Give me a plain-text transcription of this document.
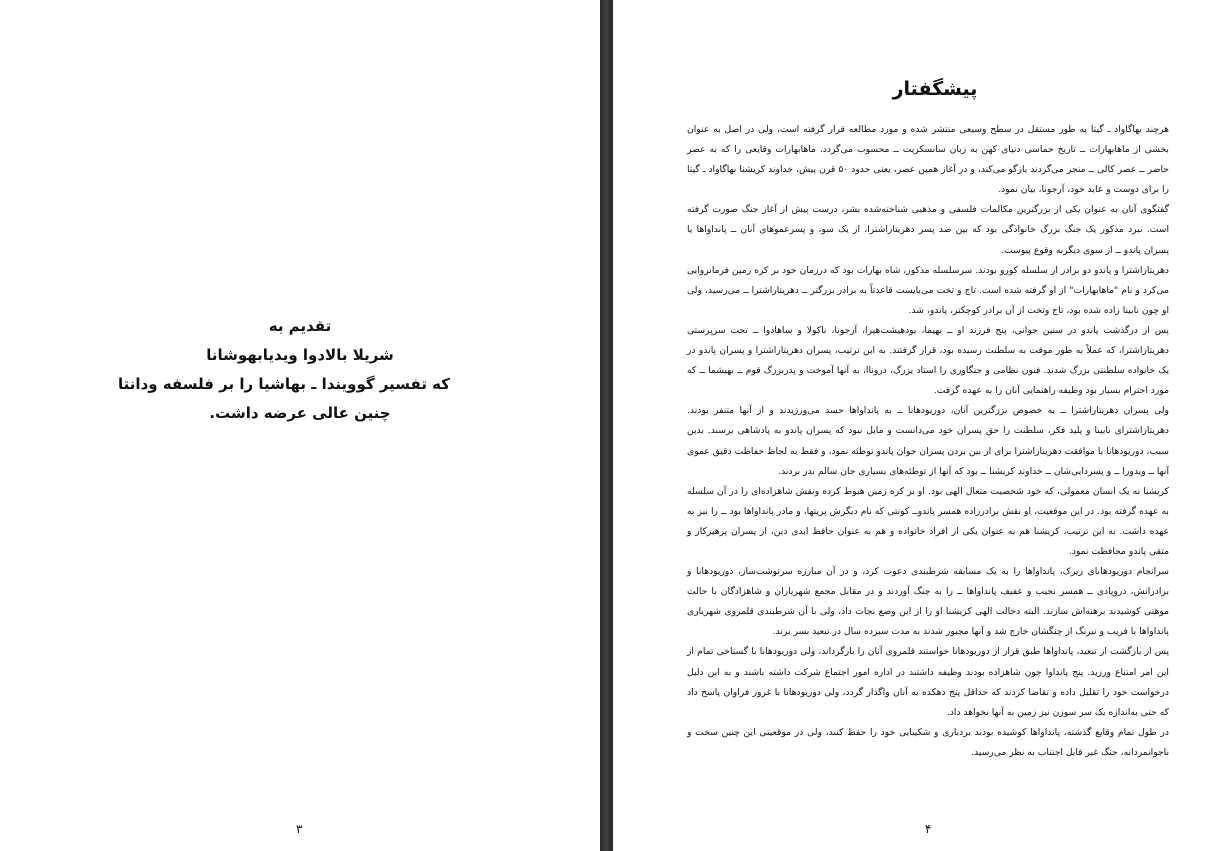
تقدیم به
شریلا بالادوا ویدیابهوشانا
که تفسیر گوویندا ـ بهاشیا را بر فلسفه ودانتا
چنین عالی عرضه داشت.
۳
پیشگفتار

هرچند بهاگاواد ـ گیتا به طور مستقل در سطح وسیعی منتشر شده و مورد مطالعه قرار گرفته است، ولی در اصل به عنوان بخشی از ماهابهارات ــ تاریخ حماسی دنیای کهن به زبان سانسکریت ــ محسوب می‌گردد. ماهابهارات وقایعی را که به عصر حاضر ــ عصر کالی ــ منجر می‌گردند بازگو می‌کند، و در آغاز همین عصر، یعنی حدود ۵۰ قرن پیش، خداوند کریشنا بهاگاواد ـ گیتا را برای دوست و عابد خود، آرجونا، بیان نمود.

گفتگوی آنان به عنوان یکی از بزرگترین مکالمات فلسفی و مذهبی شناخته‌شده بشر، درست پیش از آغاز جنگ صورت گرفته است. نبرد مذکور یک جنگ بزرگ خانوادگی بود که بین صد پسر دهریتاراشترا، از یک سو، و پسرعموهای آنان ــ پانداواها یا پسران پاندو ــ از سوی دیگربه وقوع پیوست.

دهریتاراشترا و پاندو دو برادر از سلسله کورو بودند. سرسلسله مذکور، شاه بهارات بود که درزمان خود بر کره زمین فرمانروایی می‌کرد و نام "ماهابهارات" از او گرفته شده است. تاج و تخت می‌بایست قاعدتاً به برادر بزرگتر ــ دهریتاراشترا ــ می‌رسید، ولی او چون نابینا زاده شده بود، تاج وتخت از آن برادر کوچکتر، پاندو، شد.

پس از درگذشت پاندو در سنین جوانی، پنج فرزند او ــ بهیما، یودهیشت‌هیرا، آرجونا، ناکولا و ساهادوا ــ تحت سرپرستی دهریتاراشترا، که عملاً به طور موقت به سلطنت رسیده بود، قرار گرفتند. به این ترتیب، پسران دهریتاراشترا و پسران پاندو در یک خانواده سلطنتی بزرگ شدند. فنون نظامی و جنگاوری را استاد بزرگ، دروناا، به آنها آموخت و پدربزرگ قوم ــ بهیشما ــ که مورد احترام بسیار بود وظیفه راهنمایی آنان را به عهده گرفت.

ولی پسران دهریتاراشترا ــ به خصوص بزرگترین آنان، دوریودهانا ــ به پانداواها حسد می‌ورزیدند و از آنها متنفر بودند. دهریتاراشترای نابینا و پلید فکر، سلطنت را حق پسران خود می‌دانست و مایل نبود که پسران پاندو به پادشاهی برسند. بدین سبب، دوریودهانا با موافقت دهریتاراشترا برای از بین بردن پسران جوان پاندو توطئه نمود، و فقط به لحاظ حفاظت دقیق عموی آنها ــ ویدورا ــ و پسردایی‌شان ــ خداوند کریشنا ــ بود که آنها از توطئه‌های بسیاری جان سالم بدر بردند.

کریشنا نه یک انسان معمولی، که خود شخصیت متعال الهی بود. او بر کره زمین هبوط کرده ونقش شاهزاده‌ای را در آن سلسله به عهده گرفته بود. در این موقعیت، او نقش برادرزاده همسر پاندوــ کونتی که نام دیگرش پریتها، و مادر پانداواها بود ــ را نیز به عهده داشت. به این ترتیب، کریشنا هم به عنوان یکی از افراد خانواده و هم به عنوان حافظ ابدی دین، از پسران پرهیزکار و متقی پاندو محافظت نمود.

سرانجام دوریودهانای زیرک، پانداواها را به یک مسابقه شرطبندی دعوت کرد، و در آن مبارزه سرنوشت‌ساز، دوریودهانا و برادرانش، دروپادی ــ همسر نجیب و عفیف پانداواها ــ را به چنگ آوردند و در مقابل مجمع شهریاران و شاهزادگان با حالت موهنی کوشیدند برهنه‌اش سازند. البته دخالت الهی کریشنا او را از این وضع نجات داد، ولی با آن شرطبندی قلمروی شهریاری پانداواها با فریب و نیرنگ از چنگشان خارج شد و آنها مجبور شدند به مدت سیزده سال در تبعید بسر برند.

پس از بازگشت از تبعید، پانداواها طبق قرار از دوریودهانا خواستند قلمروی آنان را بازگرداند، ولی دوریودهانا با گستاخی تمام از این امر امتناع ورزید. پنج پانداوا چون شاهزاده بودند وظیفه داشتند در اداره امور اجتماع شرکت داشته باشند و به این دلیل درخواست خود را تقلیل داده و تقاضا کردند که حداقل پنج دهکده به آنان واگذار گردد، ولی دوریودهانا با غرور فراوان پاسخ داد که حتی به‌اندازه یک سر سوزن نیز زمین به آنها نخواهد داد.

در طول تمام وقایع گذشته، پانداواها کوشیده بودند بردباری و شکیبایی خود را حفظ کنند، ولی در موقعیتی این چنین سخت و ناجوانمردانه، جنگ غیر قابل اجتناب به نظر می‌رسید.

۴
